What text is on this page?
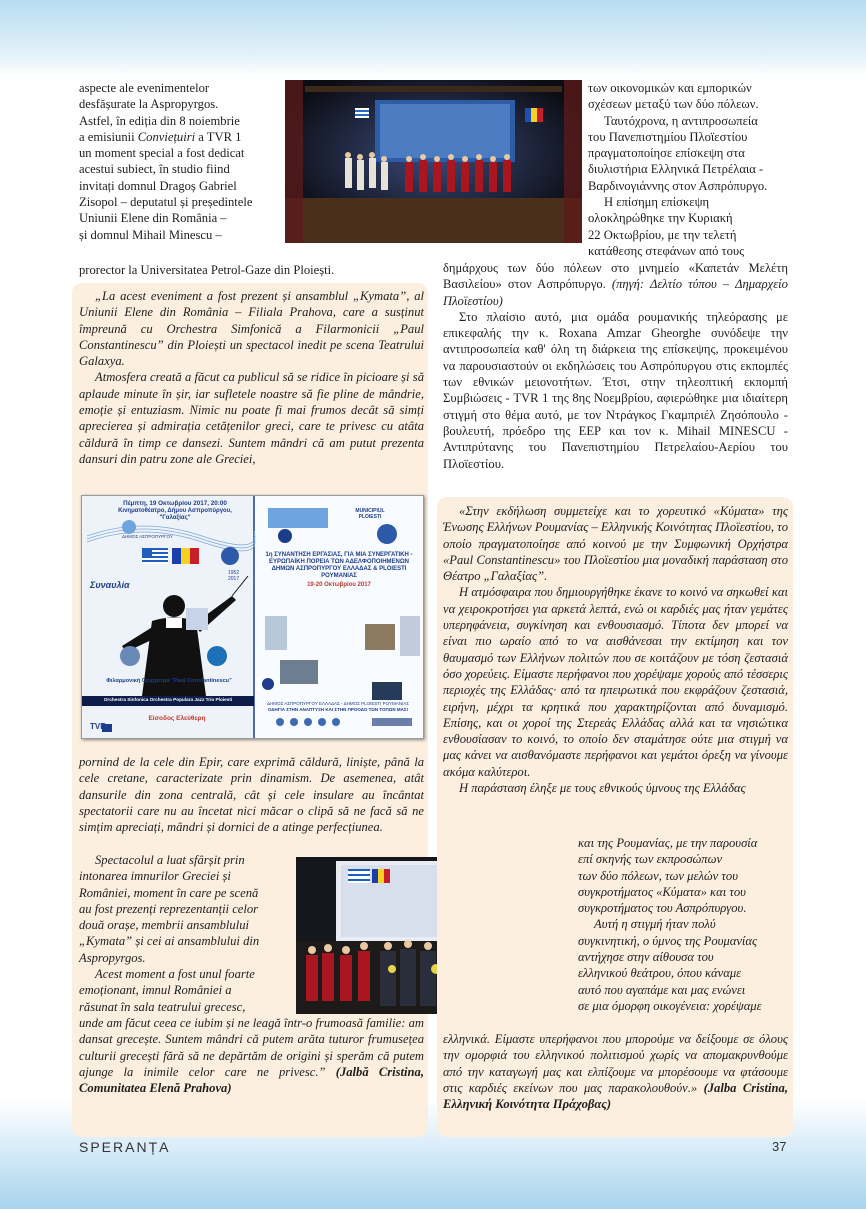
aspecte ale evenimentelor

desfășurate la Aspropyrgos.

Astfel, în ediția din 8 noiembrie

a emisiunii Conviețuiri a TVR 1

un moment special a fost dedicat

acestui subiect, în studio fiind

invitați domnul Dragoș Gabriel

Zisopol – deputatul și președintele

Uniunii Elene din România –

și domnul Mihail Minescu –

prorector la Universitatea Petrol-Gaze din Ploiești.

„La acest eveniment a fost prezent și ansamblul „Kymata”, al Uniunii Elene din România – Filiala Prahova, care a susținut împreună cu Orchestra Simfonică a Filarmonicii „Paul Constantinescu” din Ploiești un spectacol inedit pe scena Teatrului Galaxya.

Atmosfera creată a făcut ca publicul să se ridice în picioare și să aplaude minute în șir, iar sufletele noastre să fie pline de mândrie, emoție și entuziasm. Nimic nu poate fi mai frumos decât să simți aprecierea și admirația cetățenilor greci, care te privesc cu atâta căldură în timp ce dansezi. Suntem mândri că am putut prezenta dansuri din patru zone ale Greciei,

Πέμπτη, 19 Οκτωβρίου 2017, 20:00
Κινηματοθέατρο, Δήμου Ασπροπύργου,
"Γαλαξίας"
ΔΗΜΟΣ ΑΣΠΡΟΠΥΡΓΟΥ
Συναυλία
1952 2017
Φιλαρμονική Ορχήστρα "Paul Constantinescu"
Orchestra Sinfonica Orchestra Populara Jazz Trio Ploiesti
Είσοδος Ελεύθερη
TVR
MUNICIPIUL PLOIESTI
1η ΣΥΝΑΝΤΗΣΗ ΕΡΓΑΣΙΑΣ, ΓΙΑ ΜΙΑ ΣΥΝΕΡΓΑΤΙΚΗ - ΕΥΡΩΠΑΪΚΗ ΠΟΡΕΙΑ ΤΩΝ ΑΔΕΛΦΟΠΟΙΗΜΕΝΩΝ ΔΗΜΩΝ ΑΣΠΡΟΠΥΡΓΟΥ ΕΛΛΑΔΑΣ & PLOIESTI ΡΟΥΜΑΝΙΑΣ
19-20 Οκτωβρίου 2017
ΔΗΜΟΣ ΑΣΠΡΟΠΥΡΓΟΥ ΕΛΛΑΔΑΣ - ΔΗΜΟΣ PLOIESTI ΡΟΥΜΑΝΙΑΣ
ΟΔΗΓΙΑ ΣΤΗΝ ΑΝΑΠΤΥΞΗ ΚΑΙ ΣΤΗΝ ΠΡΟΟΔΟ ΤΩΝ ΤΟΠΩΝ ΜΑΣ!

pornind de la cele din Epir, care exprimă căldură, liniște, până la cele cretane, caracterizate prin dinamism. De asemenea, atât dansurile din zona centrală, cât și cele insulare au încântat spectatorii care nu au încetat nici măcar o clipă să ne facă să ne simțim apreciați, mândri și dornici de a atinge perfecțiunea.

Spectacolul a luat sfârșit prin

intonarea imnurilor Greciei și

României, moment în care pe scenă

au fost prezenți reprezentanții celor

două orașe, membrii ansamblului

„Kymata” și cei ai ansamblului din

Aspropyrgos.

Acest moment a fost unul foarte

emoționant, imnul României a

răsunat în sala teatrului grecesc,

unde am făcut ceea ce iubim și ne leagă într-o frumoasă familie: am dansat grecește. Suntem mândri că putem arăta tuturor frumusețea culturii grecești fără să ne depărtăm de origini și sperăm că putem ajunge la inimile celor care ne privesc.” (Jalbă Cristina, Comunitatea Elenă Prahova)

των οικονομικών και εμπορικών

σχέσεων μεταξύ των δύο πόλεων.

Ταυτόχρονα, η αντιπροσωπεία

του Πανεπιστημίου Πλοϊεστίου

πραγματοποίησε επίσκεψη στα

διυλιστήρια Ελληνικά Πετρέλαια -

Βαρδινογιάννης στον Ασπρόπυργο.

Η επίσημη επίσκεψη

ολοκληρώθηκε την Κυριακή

22 Οκτωβρίου, με την τελετή

κατάθεσης στεφάνων από τους

δημάρχους των δύο πόλεων στο μνημείο «Καπετάν Μελέτη Βασιλείου» στον Ασπρόπυργο. (πηγή: Δελτίο τύπου – Δημαρχείο Πλοϊεστίου)

Στο πλαίσιο αυτό, μια ομάδα ρουμανικής τηλεόρασης με επικεφαλής την κ. Roxana Amzar Gheorghe συνόδεψε την αντιπροσωπεία καθ' όλη τη διάρκεια της επίσκεψης, προκειμένου να παρουσιαστούν οι εκδηλώσεις του Ασπρόπυργου στις εκπομπές των εθνικών μειονοτήτων. Έτσι, στην τηλεοπτική εκπομπή Συμβιώσεις - TVR 1 της 8ης Νοεμβρίου, αφιερώθηκε μια ιδιαίτερη στιγμή στο θέμα αυτό, με τον Ντράγκος Γκαμπριέλ Ζησόπουλο - βουλευτή, πρόεδρο της ΕΕΡ και τον κ. Mihail MINESCU - Αντιπρύτανης του Πανεπιστημίου Πετρελαίου-Αερίου του Πλοϊεστίου.

«Στην εκδήλωση συμμετείχε και το χορευτικό «Κύματα» της Ένωσης Ελλήνων Ρουμανίας – Ελληνικής Κοινότητας Πλοϊεστίου, το οποίο πραγματοποίησε από κοινού με την Συμφωνική Ορχήστρα «Paul Constantinescu» του Πλοϊεστίου μια μοναδική παράσταση στο Θέατρο „Γαλαξίας”.

Η ατμόσφαιρα που δημιουργήθηκε έκανε το κοινό να σηκωθεί και να χειροκροτήσει για αρκετά λεπτά, ενώ οι καρδιές μας ήταν γεμάτες υπερηφάνεια, συγκίνηση και ενθουσιασμό. Τίποτα δεν μπορεί να είναι πιο ωραίο από το να αισθάνεσαι την εκτίμηση και τον θαυμασμό των Ελλήνων πολιτών που σε κοιτάζουν με τόση ζεστασιά όσο χορεύεις. Είμαστε περήφανοι που χορέψαμε χορούς από τέσσερις περιοχές της Ελλάδας· από τα ηπειρωτικά που εκφράζουν ζεστασιά, ειρήνη, μέχρι τα κρητικά που χαρακτηρίζονται από δυναμισμό. Επίσης, και οι χοροί της Στερεάς Ελλάδας αλλά και τα νησιώτικα ενθουσίασαν το κοινό, το οποίο δεν σταμάτησε ούτε μια στιγμή να μας κάνει να αισθανόμαστε περήφανοι και γεμάτοι όρεξη να γίνουμε ακόμα καλύτεροι.

Η παράσταση έληξε με τους εθνικούς ύμνους της Ελλάδας

και της Ρουμανίας, με την παρουσία

επί σκηνής των εκπροσώπων

των δύο πόλεων, των μελών του

συγκροτήματος «Κύματα» και του

συγκροτήματος του Ασπρόπυργου.

Αυτή η στιγμή ήταν πολύ

συγκινητική, ο ύμνος της Ρουμανίας

αντήχησε στην αίθουσα του

ελληνικού θεάτρου, όπου κάναμε

αυτό που αγαπάμε και μας ενώνει

σε μια όμορφη οικογένεια: χορέψαμε

ελληνικά. Είμαστε υπερήφανοι που μπορούμε να δείξουμε σε όλους την ομορφιά του ελληνικού πολιτισμού χωρίς να απομακρυνθούμε από την καταγωγή μας και ελπίζουμε να μπορέσουμε να φτάσουμε στις καρδιές εκείνων που μας παρακολουθούν.» (Jalba Cristina, Ελληνική Κοινότητα Πράχοβας)

SPERANȚA	37
